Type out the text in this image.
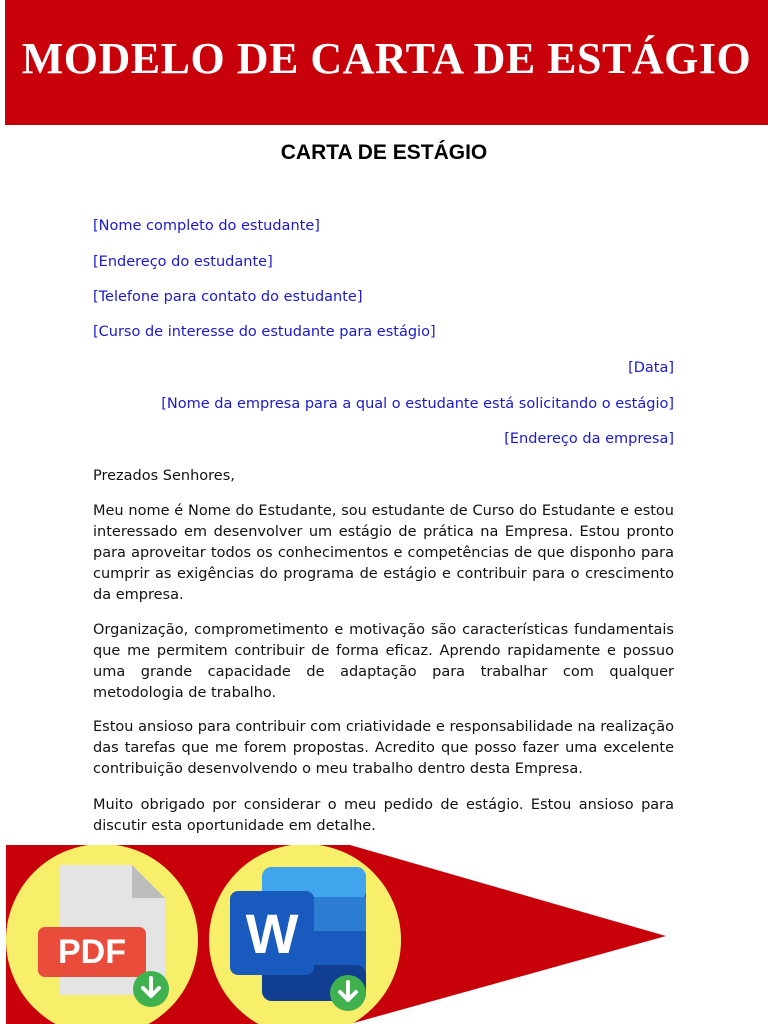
MODELO DE CARTA DE ESTÁGIO
CARTA DE ESTÁGIO
[Nome completo do estudante]
[Endereço do estudante]
[Telefone para contato do estudante]
[Curso de interesse do estudante para estágio]
[Data]
[Nome da empresa para a qual o estudante está solicitando o estágio]
[Endereço da empresa]

Prezados Senhores,

Meu nome é Nome do Estudante, sou estudante de Curso do Estudante e estou interessado em desenvolver um estágio de prática na Empresa. Estou pronto para aproveitar todos os conhecimentos e competências de que disponho para cumprir as exigências do programa de estágio e contribuir para o crescimento da empresa.

Organização, comprometimento e motivação são características fundamentais que me permitem contribuir de forma eficaz. Aprendo rapidamente e possuo uma grande capacidade de adaptação para trabalhar com qualquer metodologia de trabalho.

Estou ansioso para contribuir com criatividade e responsabilidade na realização das tarefas que me forem propostas. Acredito que posso fazer uma excelente contribuição desenvolvendo o meu trabalho dentro desta Empresa.

Muito obrigado por considerar o meu pedido de estágio. Estou ansioso para discutir esta oportunidade em detalhe.

PDF W
